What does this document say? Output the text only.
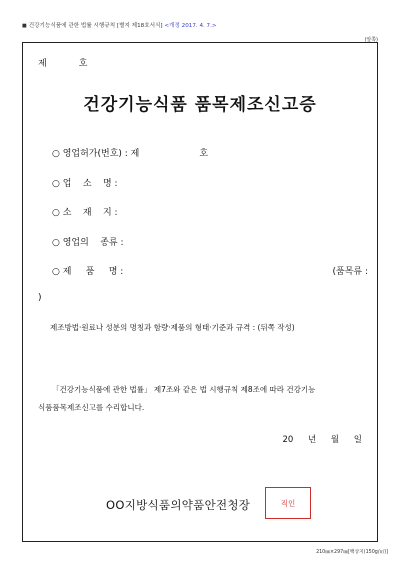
■ 건강기능식품에 관한 법률 시행규칙 [별지 제18호서식] <개정 2017. 4. 7.>
(앞쪽)
제	호
건강기능식품 품목제조신고증
○ 영업허가(번호) : 제	호
○ 업    소    명 :
○ 소    재    지 :
○ 영업의    종류 :
○ 제     품     명 :	(품목류 :
)
제조방법·원료나 성분의 명칭과 함량·제품의 형태·기준과 규격 : (뒤쪽 작성)
「건강기능식품에 관한 법률」 제7조와 같은 법 시행규칙 제8조에 따라 건강기능
식품품목제조신고를 수리합니다.
20 년 월 일
OO지방식품의약품안전청장	직인
210㎜×297㎜[백상지(150g/㎡)]
